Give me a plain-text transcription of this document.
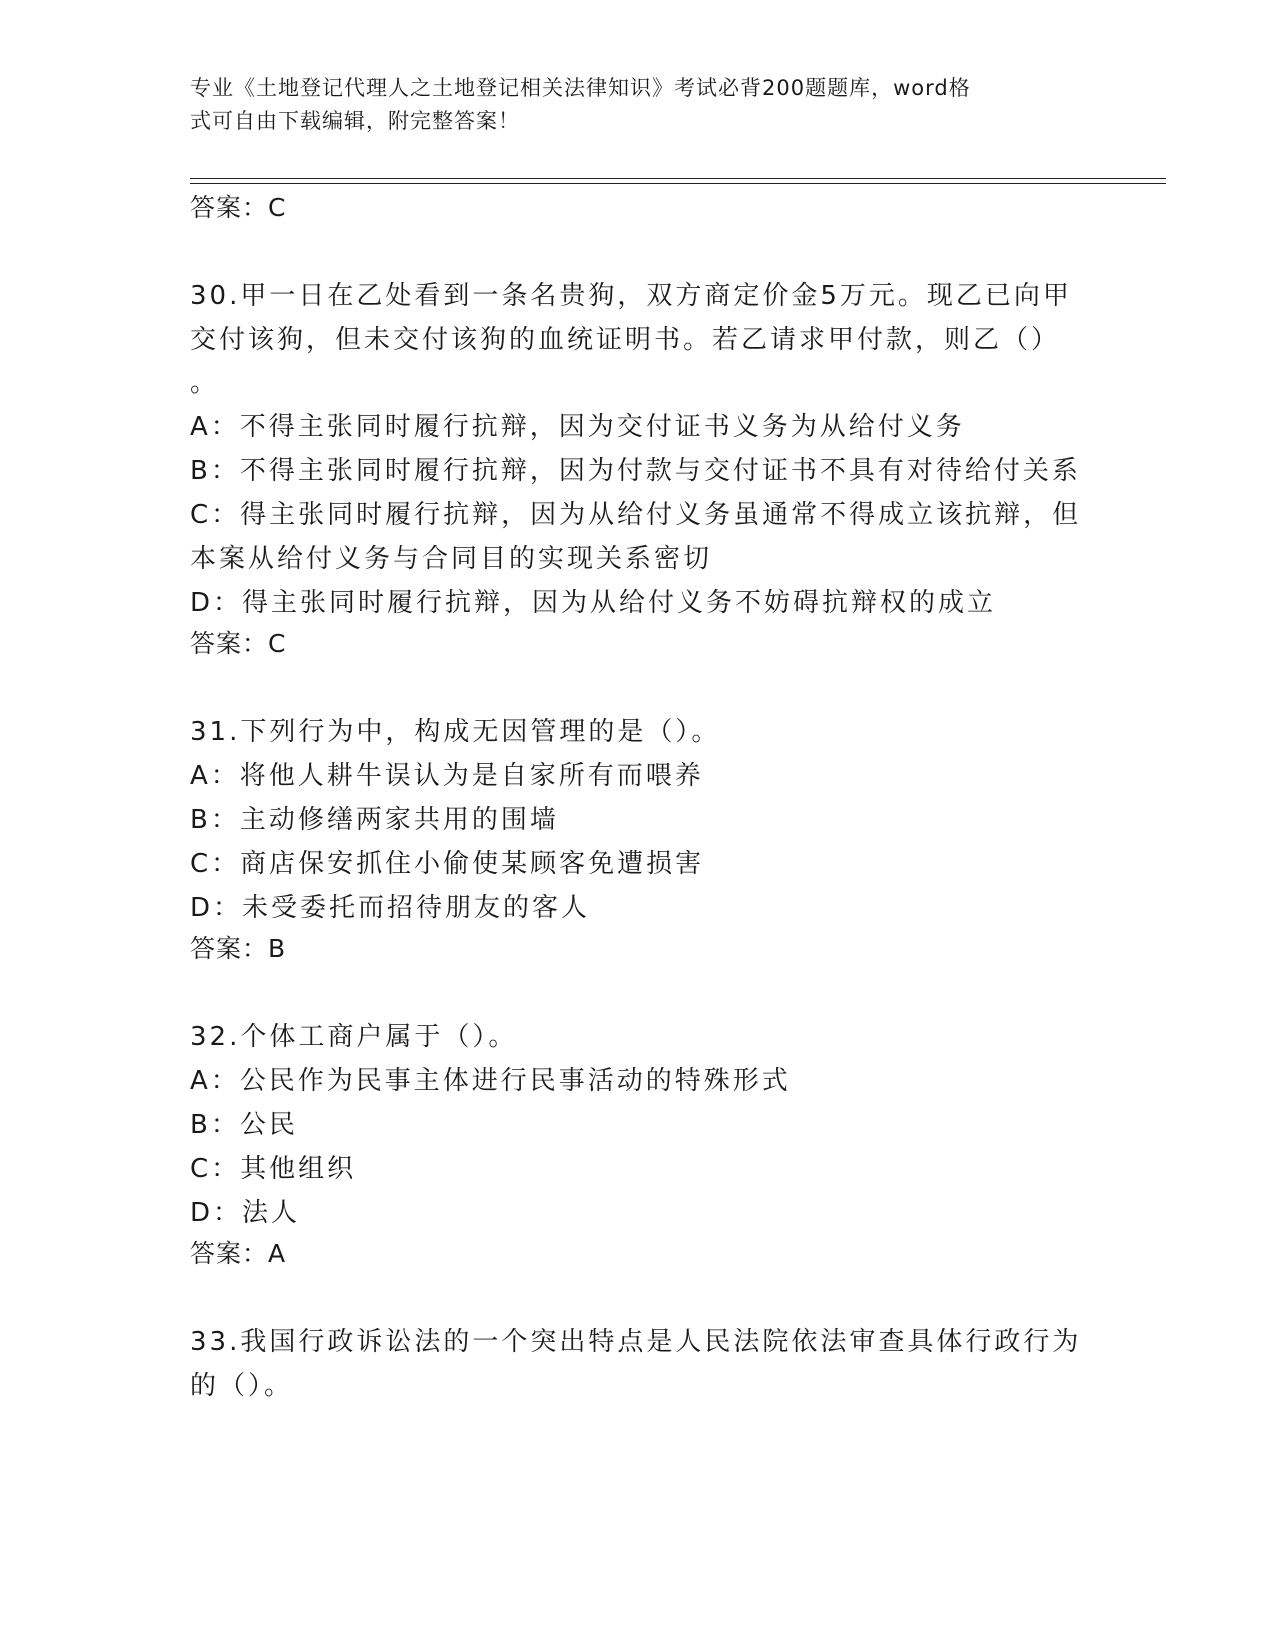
专业《土地登记代理人之土地登记相关法律知识》考试必背200题题库，word格
式可自由下载编辑，附完整答案！

答案：C

30.甲一日在乙处看到一条名贵狗，双方商定价金5万元。现乙已向甲

交付该狗，但未交付该狗的血统证明书。若乙请求甲付款，则乙（）

。

A：不得主张同时履行抗辩，因为交付证书义务为从给付义务

B：不得主张同时履行抗辩，因为付款与交付证书不具有对待给付关系

C：得主张同时履行抗辩，因为从给付义务虽通常不得成立该抗辩，但

本案从给付义务与合同目的实现关系密切

D：得主张同时履行抗辩，因为从给付义务不妨碍抗辩权的成立

答案：C

31.下列行为中，构成无因管理的是（）。

A：将他人耕牛误认为是自家所有而喂养

B：主动修缮两家共用的围墙

C：商店保安抓住小偷使某顾客免遭损害

D：未受委托而招待朋友的客人

答案：B

32.个体工商户属于（）。

A：公民作为民事主体进行民事活动的特殊形式

B：公民

C：其他组织

D：法人

答案：A

33.我国行政诉讼法的一个突出特点是人民法院依法审查具体行政行为

的（）。
